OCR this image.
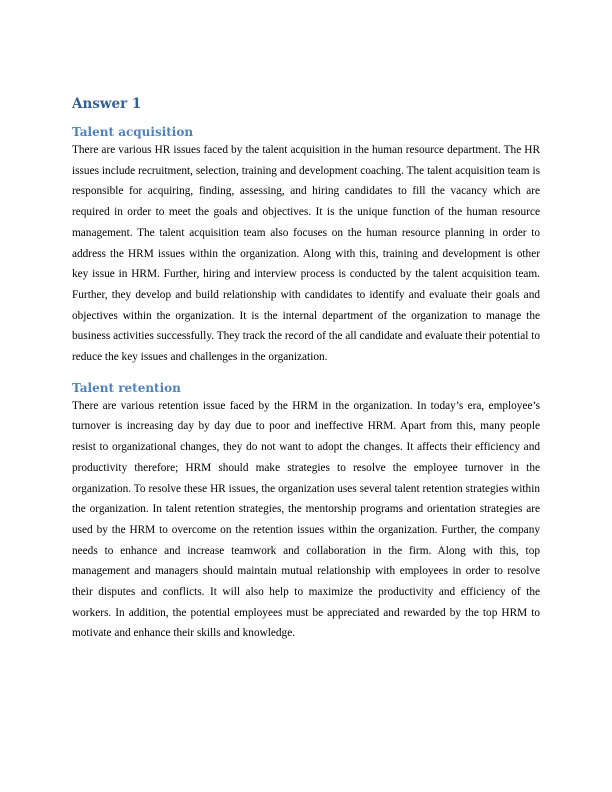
Answer 1
Talent acquisition

There are various HR issues faced by the talent acquisition in the human resource department. The HR issues include recruitment, selection, training and development coaching. The talent acquisition team is responsible for acquiring, finding, assessing, and hiring candidates to fill the vacancy which are required in order to meet the goals and objectives. It is the unique function of the human resource management. The talent acquisition team also focuses on the human resource planning in order to address the HRM issues within the organization. Along with this, training and development is other key issue in HRM. Further, hiring and interview process is conducted by the talent acquisition team. Further, they develop and build relationship with candidates to identify and evaluate their goals and objectives within the organization. It is the internal department of the organization to manage the business activities successfully. They track the record of the all candidate and evaluate their potential to reduce the key issues and challenges in the organization.

Talent retention

There are various retention issue faced by the HRM in the organization. In today’s era, employee’s turnover is increasing day by day due to poor and ineffective HRM. Apart from this, many people resist to organizational changes, they do not want to adopt the changes. It affects their efficiency and productivity therefore; HRM should make strategies to resolve the employee turnover in the organization. To resolve these HR issues, the organization uses several talent retention strategies within the organization. In talent retention strategies, the mentorship programs and orientation strategies are used by the HRM to overcome on the retention issues within the organization. Further, the company needs to enhance and increase teamwork and collaboration in the firm. Along with this, top management and managers should maintain mutual relationship with employees in order to resolve their disputes and conflicts. It will also help to maximize the productivity and efficiency of the workers. In addition, the potential employees must be appreciated and rewarded by the top HRM to motivate and enhance their skills and knowledge.
